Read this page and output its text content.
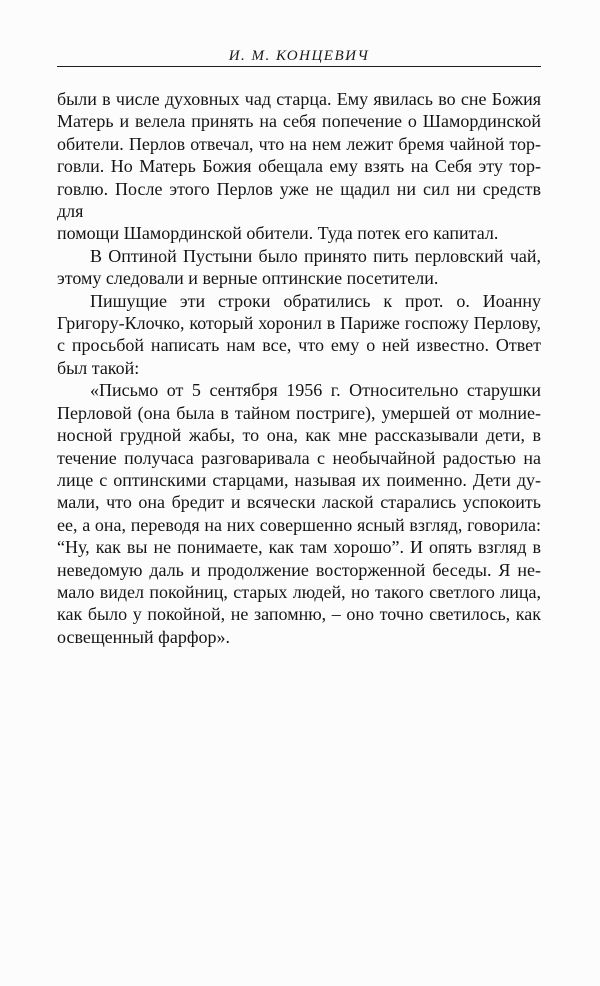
И. М. КОНЦЕВИЧ
были в числе духовных чад старца. Ему явилась во сне Божия
Матерь и велела принять на себя попечение о Шамординской
обители. Перлов отвечал, что на нем лежит бремя чайной тор-
говли. Но Матерь Божия обещала ему взять на Себя эту тор-
говлю. После этого Перлов уже не щадил ни сил ни средств для
помощи Шамординской обители. Туда потек его капитал.
В Оптиной Пустыни было принято пить перловский чай,
этому следовали и верные оптинские посетители.
Пишущие эти строки обратились к прот. о. Иоанну
Григору-Клочко, который хоронил в Париже госпожу Перлову,
с просьбой написать нам все, что ему о ней известно. Ответ
был такой:
«Письмо от 5 сентября 1956 г. Относительно старушки
Перловой (она была в тайном постриге), умершей от молние-
носной грудной жабы, то она, как мне рассказывали дети, в
течение получаса разговаривала с необычайной радостью на
лице с оптинскими старцами, называя их поименно. Дети ду-
мали, что она бредит и всячески лаской старались успокоить
ее, а она, переводя на них совершенно ясный взгляд, говорила:
“Ну, как вы не понимаете, как там хорошо”. И опять взгляд в
неведомую даль и продолжение восторженной беседы. Я не-
мало видел покойниц, старых людей, но такого светлого лица,
как было у покойной, не запомню, – оно точно светилось, как
освещенный фарфор».
